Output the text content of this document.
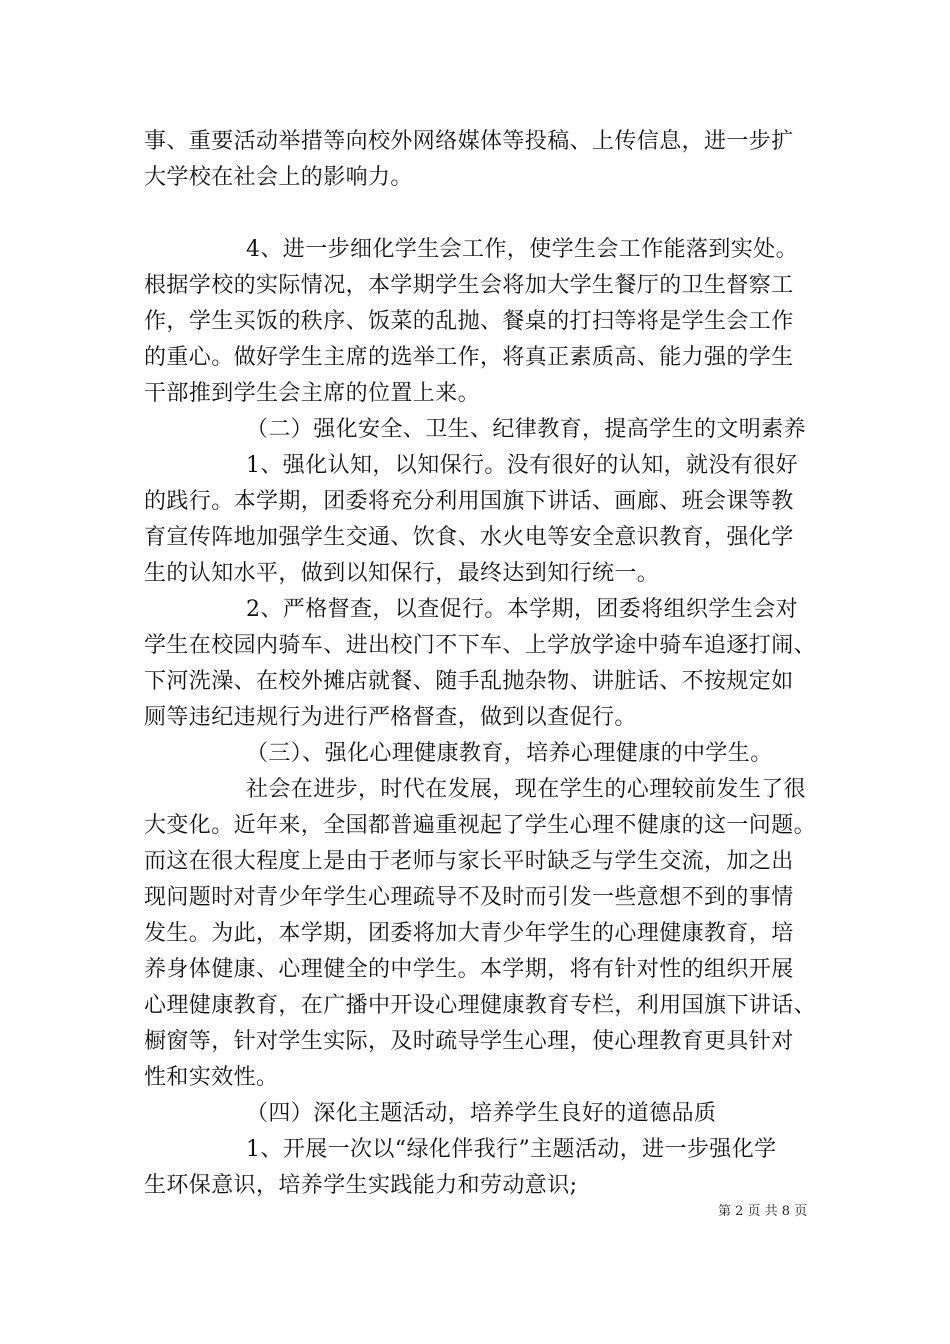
事、重要活动举措等向校外网络媒体等投稿、上传信息，进一步扩
大学校在社会上的影响力。
4、进一步细化学生会工作，使学生会工作能落到实处。
根据学校的实际情况，本学期学生会将加大学生餐厅的卫生督察工
作，学生买饭的秩序、饭菜的乱抛、餐桌的打扫等将是学生会工作
的重心。做好学生主席的选举工作，将真正素质高、能力强的学生
干部推到学生会主席的位置上来。
（二）强化安全、卫生、纪律教育，提高学生的文明素养
1、强化认知，以知保行。没有很好的认知，就没有很好
的践行。本学期，团委将充分利用国旗下讲话、画廊、班会课等教
育宣传阵地加强学生交通、饮食、水火电等安全意识教育，强化学
生的认知水平，做到以知保行，最终达到知行统一。
2、严格督查，以查促行。本学期，团委将组织学生会对
学生在校园内骑车、进出校门不下车、上学放学途中骑车追逐打闹、
下河洗澡、在校外摊店就餐、随手乱抛杂物、讲脏话、不按规定如
厕等违纪违规行为进行严格督查，做到以查促行。
（三）、强化心理健康教育，培养心理健康的中学生。
社会在进步，时代在发展，现在学生的心理较前发生了很
大变化。近年来，全国都普遍重视起了学生心理不健康的这一问题。
而这在很大程度上是由于老师与家长平时缺乏与学生交流，加之出
现问题时对青少年学生心理疏导不及时而引发一些意想不到的事情
发生。为此，本学期，团委将加大青少年学生的心理健康教育，培
养身体健康、心理健全的中学生。本学期，将有针对性的组织开展
心理健康教育，在广播中开设心理健康教育专栏，利用国旗下讲话、
橱窗等，针对学生实际，及时疏导学生心理，使心理教育更具针对
性和实效性。
（四）深化主题活动，培养学生良好的道德品质
1、开展一次以“绿化伴我行”主题活动，进一步强化学
生环保意识，培养学生实践能力和劳动意识;
第 2 页 共 8 页
